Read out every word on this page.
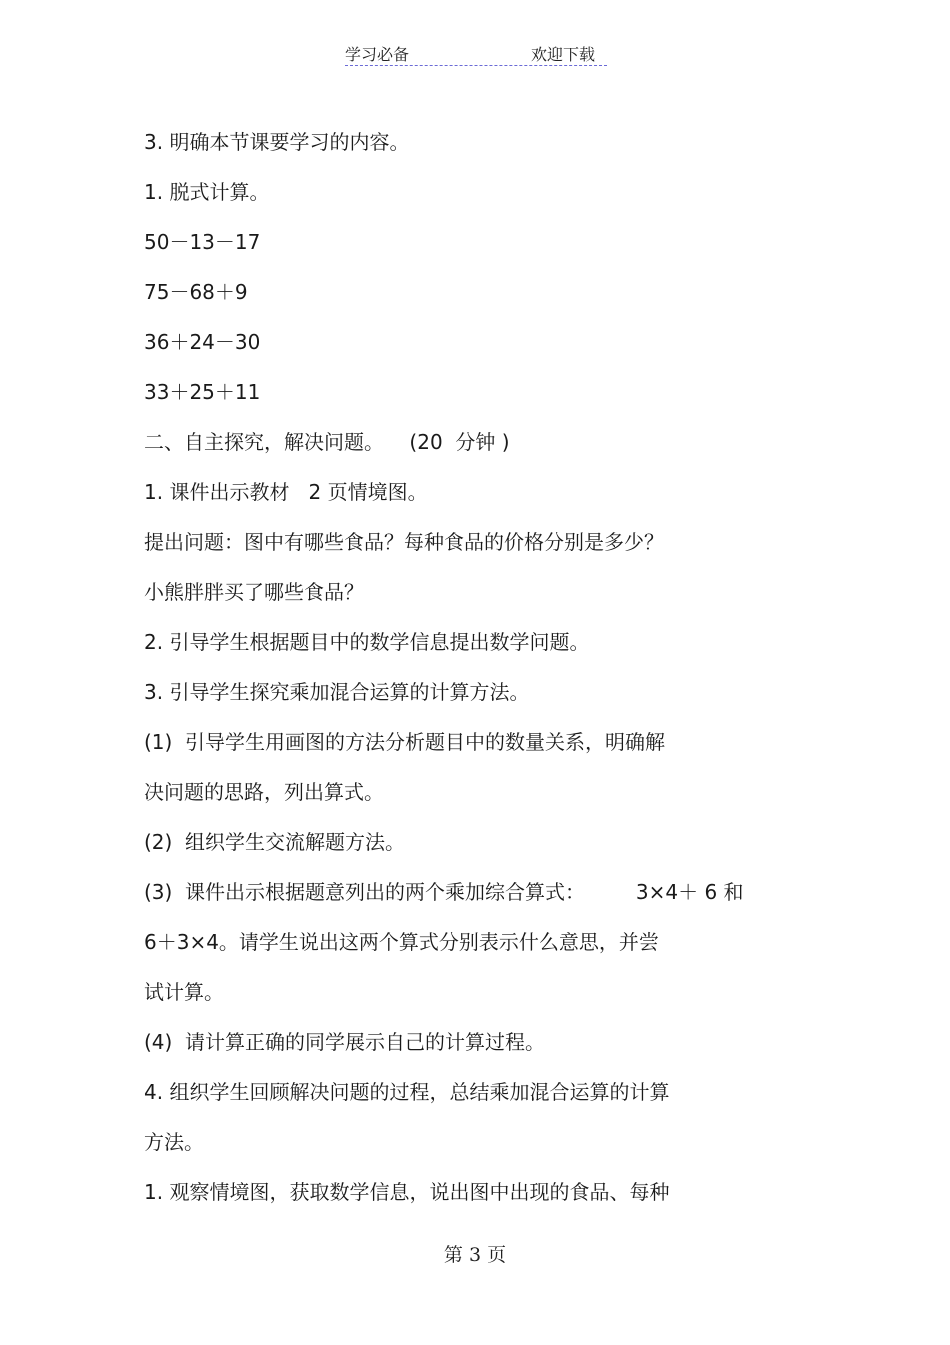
学习必备	欢迎下载
3. 明确本节课要学习的内容。
1. 脱式计算。
50－13－17
75－68＋9
36＋24－30
33＋25＋11
二、自主探究，解决问题。    (20  分钟 )
1. 课件出示教材   2 页情境图。
提出问题：图中有哪些食品？每种食品的价格分别是多少？
小熊胖胖买了哪些食品？
2. 引导学生根据题目中的数学信息提出数学问题。
3. 引导学生探究乘加混合运算的计算方法。
(1)  引导学生用画图的方法分析题目中的数量关系，明确解
决问题的思路，列出算式。
(2)  组织学生交流解题方法。
(3)  课件出示根据题意列出的两个乘加综合算式：        3×4＋ 6 和
6＋3×4。请学生说出这两个算式分别表示什么意思，并尝
试计算。
(4)  请计算正确的同学展示自己的计算过程。
4. 组织学生回顾解决问题的过程，总结乘加混合运算的计算
方法。
1. 观察情境图，获取数学信息，说出图中出现的食品、每种
第 3 页
